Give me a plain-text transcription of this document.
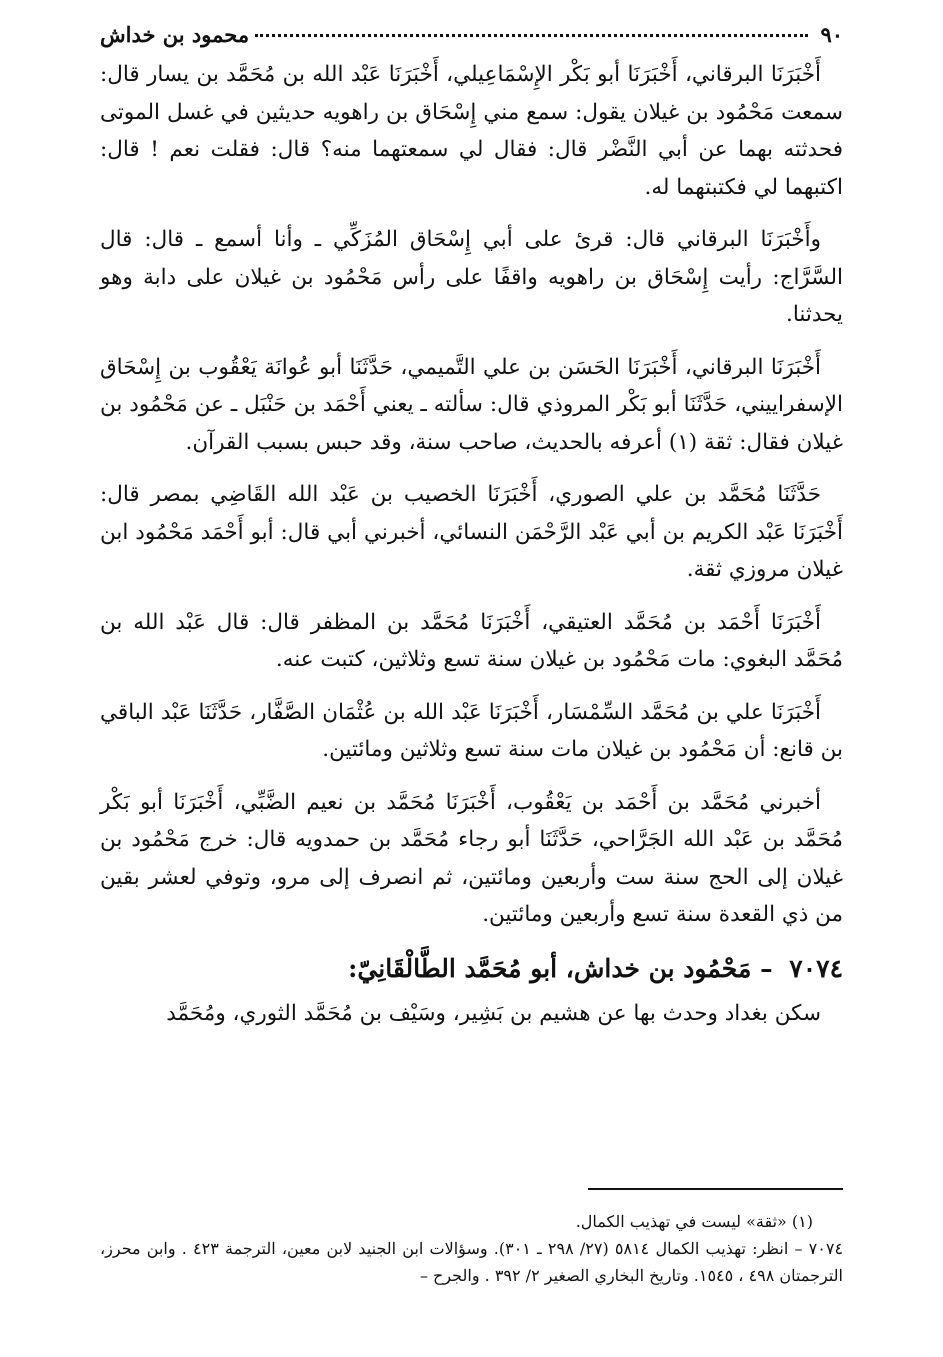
٩٠
محمود بن خداش

أَخْبَرَنَا البرقاني، أَخْبَرَنَا أبو بَكْر الإِسْمَاعِيلي، أَخْبَرَنَا عَبْد الله بن مُحَمَّد بن يسار قال: سمعت مَحْمُود بن غيلان يقول: سمع مني إِسْحَاق بن راهويه حديثين في غسل الموتى فحدثته بهما عن أبي النَّضْر قال: فقال لي سمعتهما منه؟ قال: فقلت نعم ! قال: اكتبهما لي فكتبتهما له.

وأَخْبَرَنَا البرقاني قال: قرئ على أبي إِسْحَاق المُزَكِّي ـ وأنا أسمع ـ قال: قال السَّرَّاج: رأيت إِسْحَاق بن راهويه واقفًا على رأس مَحْمُود بن غيلان على دابة وهو يحدثنا.

أَخْبَرَنَا البرقاني، أَخْبَرَنَا الحَسَن بن علي التَّميمي، حَدَّثَنَا أبو عُوانَة يَعْقُوب بن إِسْحَاق الإسفراييني، حَدَّثَنَا أبو بَكْر المروذي قال: سألته ـ يعني أَحْمَد بن حَنْبَل ـ عن مَحْمُود بن غيلان فقال: ثقة (١) أعرفه بالحديث، صاحب سنة، وقد حبس بسبب القرآن.

حَدَّثَنَا مُحَمَّد بن علي الصوري، أَخْبَرَنَا الخصيب بن عَبْد الله القَاضِي بمصر قال: أَخْبَرَنَا عَبْد الكريم بن أبي عَبْد الرَّحْمَن النسائي، أخبرني أبي قال: أبو أَحْمَد مَحْمُود ابن غيلان مروزي ثقة.

أَخْبَرَنَا أَحْمَد بن مُحَمَّد العتيقي، أَخْبَرَنَا مُحَمَّد بن المظفر قال: قال عَبْد الله بن مُحَمَّد البغوي: مات مَحْمُود بن غيلان سنة تسع وثلاثين، كتبت عنه.

أَخْبَرَنَا علي بن مُحَمَّد السِّمْسَار، أَخْبَرَنَا عَبْد الله بن عُثْمَان الصَّفَّار، حَدَّثَنَا عَبْد الباقي بن قانع: أن مَحْمُود بن غيلان مات سنة تسع وثلاثين ومائتين.

أخبرني مُحَمَّد بن أَحْمَد بن يَعْقُوب، أَخْبَرَنَا مُحَمَّد بن نعيم الضَّبِّي، أَخْبَرَنَا أبو بَكْر مُحَمَّد بن عَبْد الله الجَرَّاحي، حَدَّثَنَا أبو رجاء مُحَمَّد بن حمدويه قال: خرج مَحْمُود بن غيلان إلى الحج سنة ست وأربعين ومائتين، ثم انصرف إلى مرو، وتوفي لعشر بقين من ذي القعدة سنة تسع وأربعين ومائتين.

٧٠٧٤ – مَحْمُود بن خداش، أبو مُحَمَّد الطَّالْقَانِيّ:

سكن بغداد وحدث بها عن هشيم بن بَشِير، وسَيْف بن مُحَمَّد الثوري، ومُحَمَّد

(١) «ثقة» ليست في تهذيب الكمال.

٧٠٧٤ – انظر: تهذيب الكمال ٥٨١٤ (٢٧/ ٢٩٨ ـ ٣٠١). وسؤالات ابن الجنيد لابن معين، الترجمة ٤٢٣ . وابن محرز، الترجمتان ٤٩٨ ، ١٥٤٥. وتاريخ البخاري الصغير ٢/ ٣٩٢ . والجرح –
